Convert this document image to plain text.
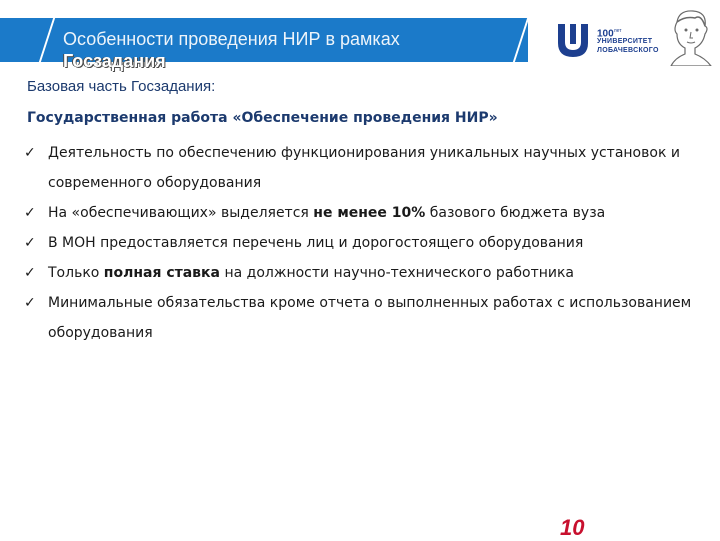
Особенности проведения НИР в рамках
Госзадания
$100^{лет}$
УНИВЕРСИТЕТ
ЛОБАЧЕВСКОГО
Базовая часть Госзадания:
Государственная работа «Обеспечение проведения НИР»
✓ Деятельность по обеспечению функционирования уникальных научных установок и современного оборудования
✓ На «обеспечивающих» выделяется не менее 10% базового бюджета вуза
✓ В МОН предоставляется перечень лиц и дорогостоящего оборудования
✓ Только полная ставка на должности научно-технического работника
✓ Минимальные обязательства кроме отчета о выполненных работах с использованием оборудования
10
